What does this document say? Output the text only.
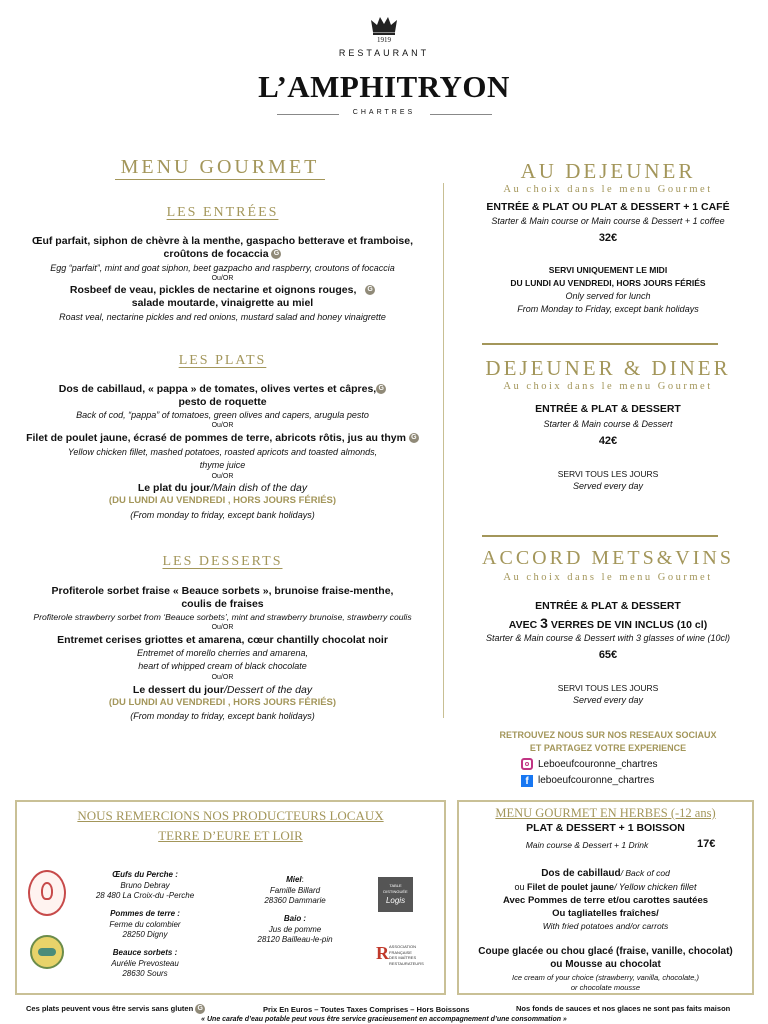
1919
RESTAURANT
L’AMPHITRYON
CHARTRES
MENU GOURMET
LES ENTRÉES
Œuf parfait, siphon de chèvre à la menthe, gaspacho betterave et framboise,
croûtons de focaccia G
Egg “parfait”, mint and goat siphon, beet gazpacho and raspberry, croutons of focaccia
Ou/OR
Rosbeef de veau, pickles de nectarine et oignons rouges, G
salade moutarde, vinaigrette au miel
Roast veal, nectarine pickles and red onions, mustard salad and honey vinaigrette
LES PLATS
Dos de cabillaud, « pappa » de tomates, olives vertes et câpres, G
pesto de roquette
Back of cod, “pappa” of tomatoes, green olives and capers, arugula pesto
Ou/OR
Filet de poulet jaune, écrasé de pommes de terre, abricots rôtis, jus au thym G
Yellow chicken fillet, mashed potatoes, roasted apricots and toasted almonds,
thyme juice
Ou/OR
Le plat du jour/Main dish of the day
(DU LUNDI AU VENDREDI , HORS JOURS FÉRIÉS)
(From monday to friday, except bank holidays)
LES DESSERTS
Profiterole sorbet fraise « Beauce sorbets », brunoise fraise-menthe,
coulis de fraises
Profiterole strawberry sorbet from ‘Beauce sorbets’, mint and strawberry brunoise, strawberry coulis
Ou/OR
Entremet cerises griottes et amarena, cœur chantilly chocolat noir
Entremet of morello cherries and amarena,
heart of whipped cream of black chocolate
Ou/OR
Le dessert du jour/Dessert of the day
(DU LUNDI AU VENDREDI , HORS JOURS FÉRIÉS)
(From monday to friday, except bank holidays)
AU DEJEUNER
Au choix dans le menu Gourmet
ENTRÉE & PLAT OU PLAT & DESSERT + 1 CAFÉ
Starter & Main course or Main course & Dessert + 1 coffee
32€
SERVI UNIQUEMENT LE MIDI
DU LUNDI AU VENDREDI, HORS JOURS FÉRIÉS
Only served for lunch
From Monday to Friday, except bank holidays
DEJEUNER & DINER
Au choix dans le menu Gourmet
ENTRÉE & PLAT & DESSERT
Starter & Main course & Dessert
42€
SERVI TOUS LES JOURS
Served every day
ACCORD METS&VINS
Au choix dans le menu Gourmet
ENTRÉE & PLAT & DESSERT
AVEC 3 VERRES DE VIN INCLUS (10 cl)
Starter & Main course & Dessert with 3 glasses of wine (10cl)
65€
SERVI TOUS LES JOURS
Served every day
RETROUVEZ NOUS SUR NOS RESEAUX SOCIAUX
ET PARTAGEZ VOTRE EXPERIENCE
Leboeufcouronne_chartres
f leboeufcouronne_chartres
NOUS REMERCIONS NOS PRODUCTEURS LOCAUX
TERRE D’EURE ET LOIR
Œufs du Perche :
Bruno Debray
28 480 La Croix-du -Perche
Pommes de terre :
Ferme du colombier
28250 Digny
Beauce sorbets :
Aurélie Prevosteau
28630 Sours
Miel:
Famille Billard
28360 Dammarie
Baio :
Jus de pomme
28120 Bailleau-le-pin
TABLE
DISTINGUÉE
Logis
R ASSOCIATION
FRANÇAISE
DES MAÎTRES
RESTAURATEURS
MENU GOURMET EN HERBES (-12 ans)
PLAT & DESSERT + 1 BOISSON
Main course & Dessert + 1 Drink	17€
Dos de cabillaud/ Back of cod
ou Filet de poulet jaune/ Yellow chicken fillet
Avec Pommes de terre et/ou carottes sautées
Ou tagliatelles fraîches/
With fried potatoes and/or carrots
Coupe glacée ou chou glacé (fraise, vanille, chocolat)
ou Mousse au chocolat
Ice cream of your choice (strawberry, vanilla, chocolate,)
or chocolate mousse
Ces plats peuvent vous être servis sans gluten G	Prix En Euros – Toutes Taxes Comprises – Hors Boissons	Nos fonds de sauces et nos glaces ne sont pas faits maison
« Une carafe d’eau potable peut vous être service gracieusement en accompagnement d’une consommation »
